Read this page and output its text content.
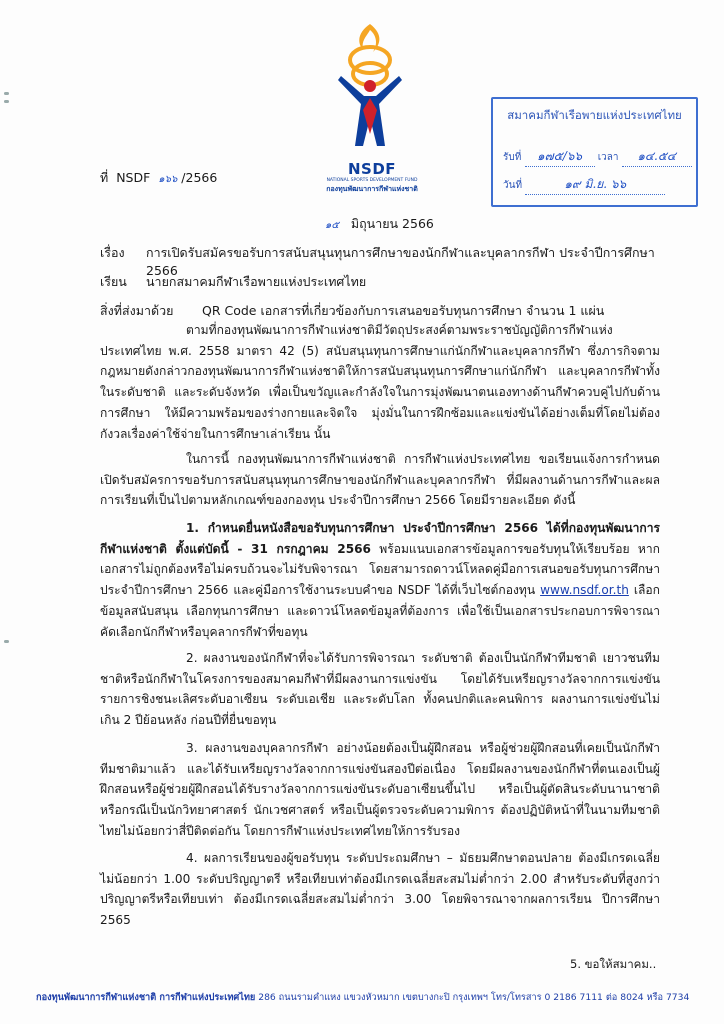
NSDF
NATIONAL SPORTS DEVELOPMENT FUND
กองทุนพัฒนาการกีฬาแห่งชาติ
สมาคมกีฬาเรือพายแห่งประเทศไทย
รับที่ ๑๗๕/๖๖ เวลา ๑๔.๕๔
วันที่	๑๙ มิ.ย. ๖๖
ที่ NSDF ๑๖๖ /2566
๑๕ มิถุนายน 2566
เรื่อง การเปิดรับสมัครขอรับการสนับสนุนทุนการศึกษาของนักกีฬาและบุคลากรกีฬา ประจำปีการศึกษา 2566
เรียน นายกสมาคมกีฬาเรือพายแห่งประเทศไทย
สิ่งที่ส่งมาด้วย QR Code เอกสารที่เกี่ยวข้องกับการเสนอขอรับทุนการศึกษา จำนวน 1 แผ่น
ตามที่กองทุนพัฒนาการกีฬาแห่งชาติมีวัตถุประสงค์ตามพระราชบัญญัติการกีฬาแห่งประเทศไทย พ.ศ. 2558 มาตรา 42 (5) สนับสนุนทุนการศึกษาแก่นักกีฬาและบุคลากรกีฬา ซึ่งภารกิจตามกฎหมายดังกล่าวกองทุนพัฒนาการกีฬาแห่งชาติให้การสนับสนุนทุนการศึกษาแก่นักกีฬา และบุคลากรกีฬาทั้งในระดับชาติ และระดับจังหวัด เพื่อเป็นขวัญและกำลังใจในการมุ่งพัฒนาตนเองทางด้านกีฬาควบคู่ไปกับด้านการศึกษา ให้มีความพร้อมของร่างกายและจิตใจ มุ่งมั่นในการฝึกซ้อมและแข่งขันได้อย่างเต็มที่โดยไม่ต้องกังวลเรื่องค่าใช้จ่ายในการศึกษาเล่าเรียน นั้น
ในการนี้ กองทุนพัฒนาการกีฬาแห่งชาติ การกีฬาแห่งประเทศไทย ขอเรียนแจ้งการกำหนดเปิดรับสมัครการขอรับการสนับสนุนทุนการศึกษาของนักกีฬาและบุคลากรกีฬา ที่มีผลงานด้านการกีฬาและผลการเรียนที่เป็นไปตามหลักเกณฑ์ของกองทุน ประจำปีการศึกษา 2566 โดยมีรายละเอียด ดังนี้
1. กำหนดยื่นหนังสือขอรับทุนการศึกษา ประจำปีการศึกษา 2566 ได้ที่กองทุนพัฒนาการกีฬาแห่งชาติ ตั้งแต่บัดนี้ - 31 กรกฎาคม 2566 พร้อมแนบเอกสารข้อมูลการขอรับทุนให้เรียบร้อย หากเอกสารไม่ถูกต้องหรือไม่ครบถ้วนจะไม่รับพิจารณา โดยสามารถดาวน์โหลดคู่มือการเสนอขอรับทุนการศึกษา ประจำปีการศึกษา 2566 และคู่มือการใช้งานระบบคำขอ NSDF ได้ที่เว็บไซต์กองทุน www.nsdf.or.th เลือกข้อมูลสนับสนุน เลือกทุนการศึกษา และดาวน์โหลดข้อมูลที่ต้องการ เพื่อใช้เป็นเอกสารประกอบการพิจารณาคัดเลือกนักกีฬาหรือบุคลากรกีฬาที่ขอทุน
2. ผลงานของนักกีฬาที่จะได้รับการพิจารณา ระดับชาติ ต้องเป็นนักกีฬาทีมชาติ เยาวชนทีมชาติหรือนักกีฬาในโครงการของสมาคมกีฬาที่มีผลงานการแข่งขัน โดยได้รับเหรียญรางวัลจากการแข่งขันรายการชิงชนะเลิศระดับอาเซียน ระดับเอเชีย และระดับโลก ทั้งคนปกติและคนพิการ ผลงานการแข่งขันไม่เกิน 2 ปีย้อนหลัง ก่อนปีที่ยื่นขอทุน
3. ผลงานของบุคลากรกีฬา อย่างน้อยต้องเป็นผู้ฝึกสอน หรือผู้ช่วยผู้ฝึกสอนที่เคยเป็นนักกีฬาทีมชาติมาแล้ว และได้รับเหรียญรางวัลจากการแข่งขันสองปีต่อเนื่อง โดยมีผลงานของนักกีฬาที่ตนเองเป็นผู้ฝึกสอนหรือผู้ช่วยผู้ฝึกสอนได้รับรางวัลจากการแข่งขันระดับอาเซียนขึ้นไป หรือเป็นผู้ตัดสินระดับนานาชาติ หรือกรณีเป็นนักวิทยาศาสตร์ นักเวชศาสตร์ หรือเป็นผู้ตรวจระดับความพิการ ต้องปฏิบัติหน้าที่ในนามทีมชาติไทยไม่น้อยกว่าสี่ปีติดต่อกัน โดยการกีฬาแห่งประเทศไทยให้การรับรอง
4. ผลการเรียนของผู้ขอรับทุน ระดับประถมศึกษา – มัธยมศึกษาตอนปลาย ต้องมีเกรดเฉลี่ยไม่น้อยกว่า 1.00 ระดับปริญญาตรี หรือเทียบเท่าต้องมีเกรดเฉลี่ยสะสมไม่ต่ำกว่า 2.00 สำหรับระดับที่สูงกว่าปริญญาตรีหรือเทียบเท่า ต้องมีเกรดเฉลี่ยสะสมไม่ต่ำกว่า 3.00 โดยพิจารณาจากผลการเรียน ปีการศึกษา 2565
5. ขอให้สมาคม..
กองทุนพัฒนาการกีฬาแห่งชาติ การกีฬาแห่งประเทศไทย 286 ถนนรามคำแหง แขวงหัวหมาก เขตบางกะปิ กรุงเทพฯ โทร/โทรสาร 0 2186 7111 ต่อ 8024 หรือ 7734
